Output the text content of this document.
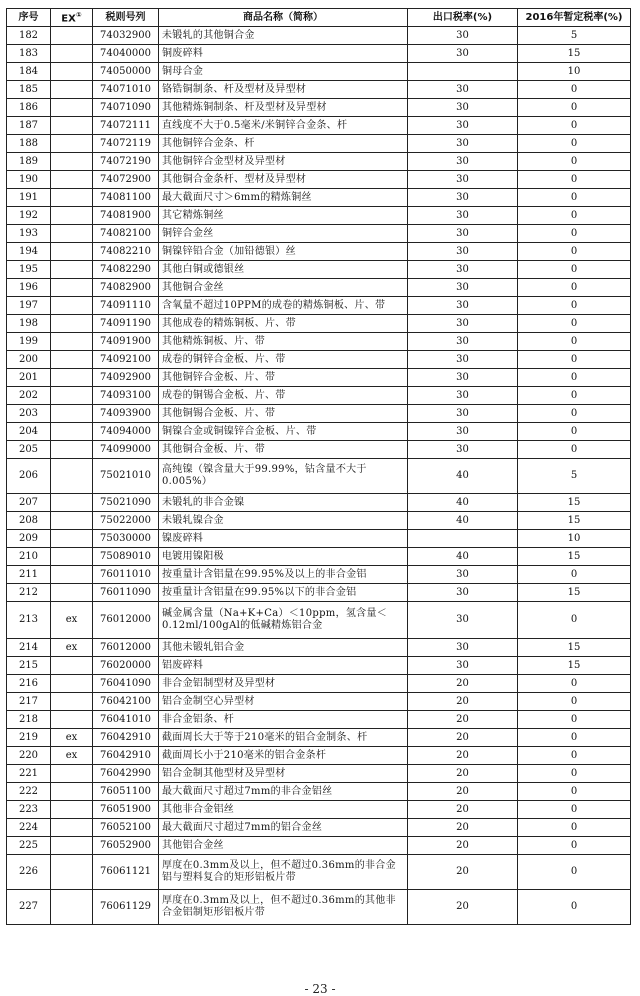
序号	EX①	税则号列	商品名称（简称）	出口税率(%)	2016年暂定税率(%)
182		74032900	未锻轧的其他铜合金	30	5
183		74040000	铜废碎料	30	15
184		74050000	铜母合金		10
185		74071010	铬锆铜制条、杆及型材及异型材	30	0
186		74071090	其他精炼铜制条、杆及型材及异型材	30	0
187		74072111	直线度不大于0.5毫米/米铜锌合金条、杆	30	0
188		74072119	其他铜锌合金条、杆	30	0
189		74072190	其他铜锌合金型材及异型材	30	0
190		74072900	其他铜合金条杆、型材及异型材	30	0
191		74081100	最大截面尺寸＞6mm的精炼铜丝	30	0
192		74081900	其它精炼铜丝	30	0
193		74082100	铜锌合金丝	30	0
194		74082210	铜镍锌铅合金（加铅德银）丝	30	0
195		74082290	其他白铜或德银丝	30	0
196		74082900	其他铜合金丝	30	0
197		74091110	含氧量不超过10PPM的成卷的精炼铜板、片、带	30	0
198		74091190	其他成卷的精炼铜板、片、带	30	0
199		74091900	其他精炼铜板、片、带	30	0
200		74092100	成卷的铜锌合金板、片、带	30	0
201		74092900	其他铜锌合金板、片、带	30	0
202		74093100	成卷的铜锡合金板、片、带	30	0
203		74093900	其他铜锡合金板、片、带	30	0
204		74094000	铜镍合金或铜镍锌合金板、片、带	30	0
205		74099000	其他铜合金板、片、带	30	0
206		75021010	高纯镍（镍含量大于99.99%，钴含量不大于0.005%）	40	5
207		75021090	未锻轧的非合金镍	40	15
208		75022000	未锻轧镍合金	40	15
209		75030000	镍废碎料		10
210		75089010	电镀用镍阳极	40	15
211		76011010	按重量计含铝量在99.95%及以上的非合金铝	30	0
212		76011090	按重量计含铝量在99.95%以下的非合金铝	30	15
213	ex	76012000	碱金属含量（Na+K+Ca）＜10ppm，氢含量＜0.12ml/100gAl的低碱精炼铝合金	30	0
214	ex	76012000	其他未锻轧铝合金	30	15
215		76020000	铝废碎料	30	15
216		76041090	非合金铝制型材及异型材	20	0
217		76042100	铝合金制空心异型材	20	0
218		76041010	非合金铝条、杆	20	0
219	ex	76042910	截面周长大于等于210毫米的铝合金制条、杆	20	0
220	ex	76042910	截面周长小于210毫米的铝合金条杆	20	0
221		76042990	铝合金制其他型材及异型材	20	0
222		76051100	最大截面尺寸超过7mm的非合金铝丝	20	0
223		76051900	其他非合金铝丝	20	0
224		76052100	最大截面尺寸超过7mm的铝合金丝	20	0
225		76052900	其他铝合金丝	20	0
226		76061121	厚度在0.3mm及以上，但不超过0.36mm的非合金铝与塑料复合的矩形铝板片带	20	0
227		76061129	厚度在0.3mm及以上，但不超过0.36mm的其他非合金铝制矩形铝板片带	20	0
- 23 -
